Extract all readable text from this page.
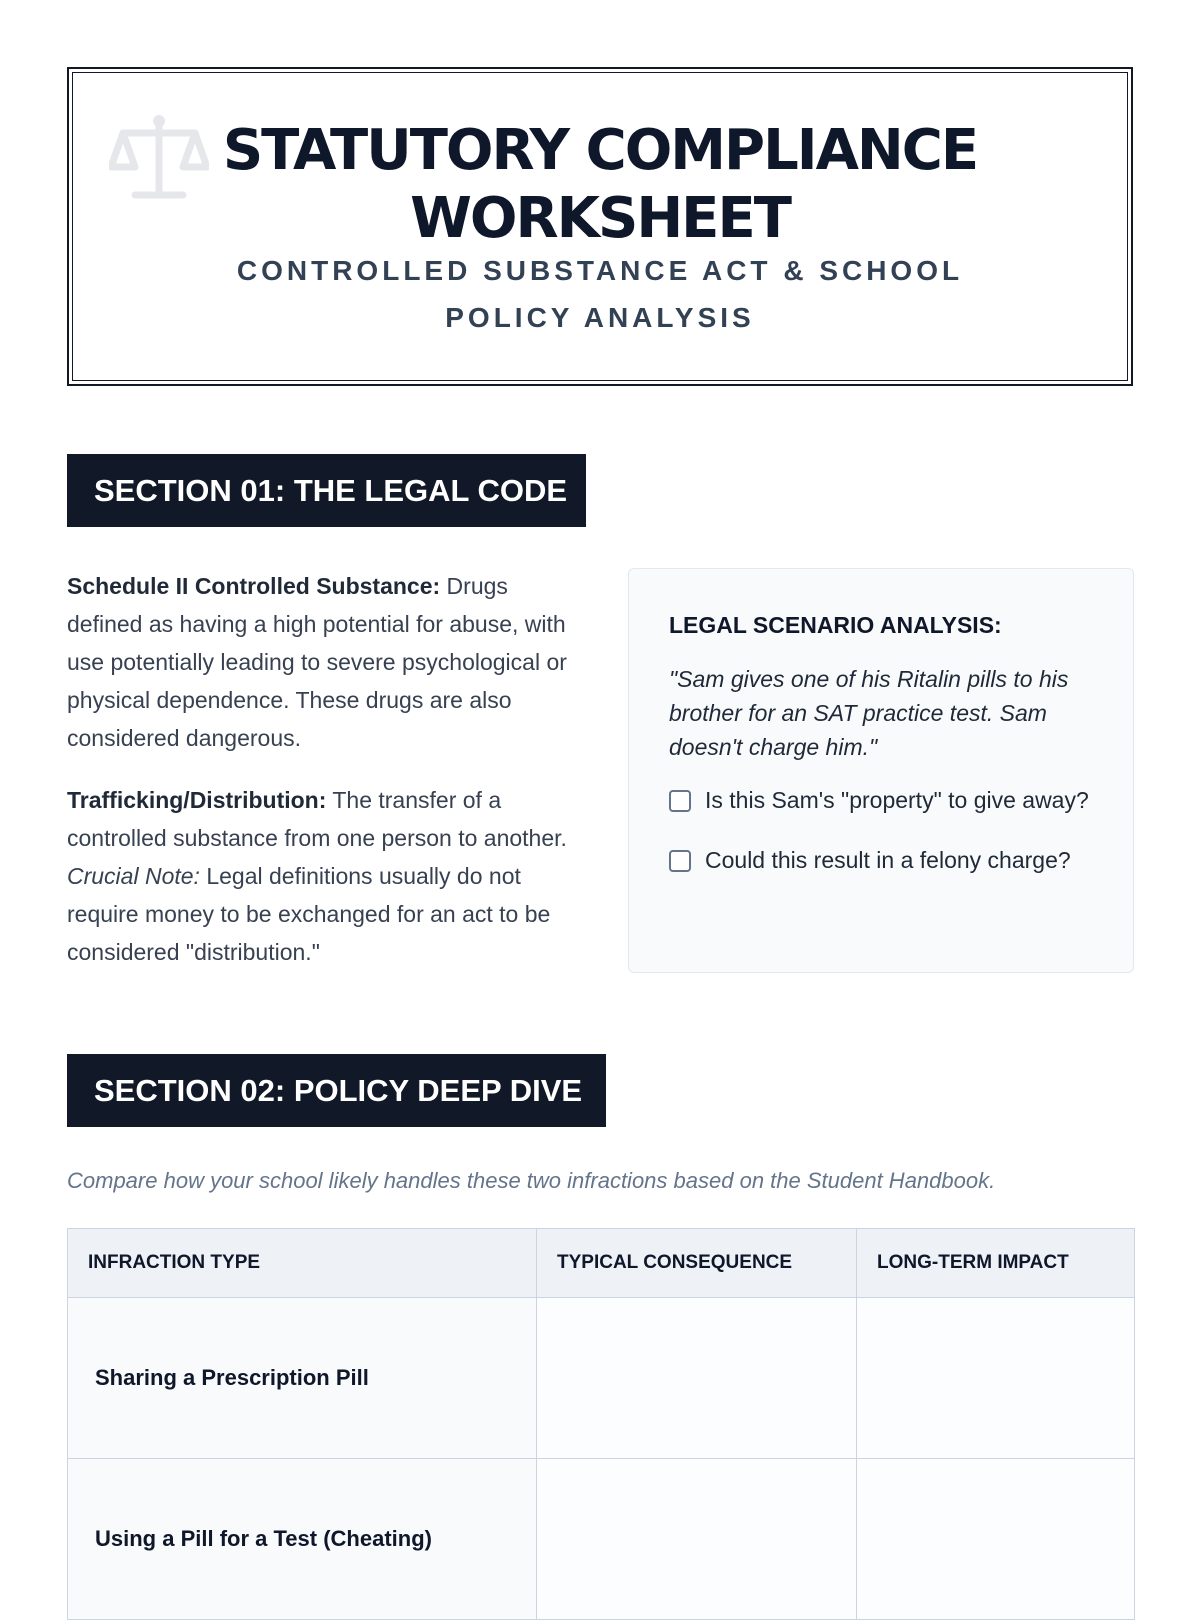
STATUTORY COMPLIANCE
WORKSHEET

CONTROLLED SUBSTANCE ACT & SCHOOL POLICY ANALYSIS

SECTION 01: THE LEGAL CODE

Schedule II Controlled Substance: Drugs defined as having a high potential for abuse, with use potentially leading to severe psychological or physical dependence. These drugs are also considered dangerous.

Trafficking/Distribution: The transfer of a controlled substance from one person to another. Crucial Note: Legal definitions usually do not require money to be exchanged for an act to be considered "distribution."

LEGAL SCENARIO ANALYSIS:

"Sam gives one of his Ritalin pills to his brother for an SAT practice test. Sam doesn't charge him."

Is this Sam's "property" to give away?
Could this result in a felony charge?
SECTION 02: POLICY DEEP DIVE

Compare how your school likely handles these two infractions based on the Student Handbook.

INFRACTION TYPE	TYPICAL CONSEQUENCE	LONG-TERM IMPACT
Sharing a Prescription Pill		
Using a Pill for a Test (Cheating)		
